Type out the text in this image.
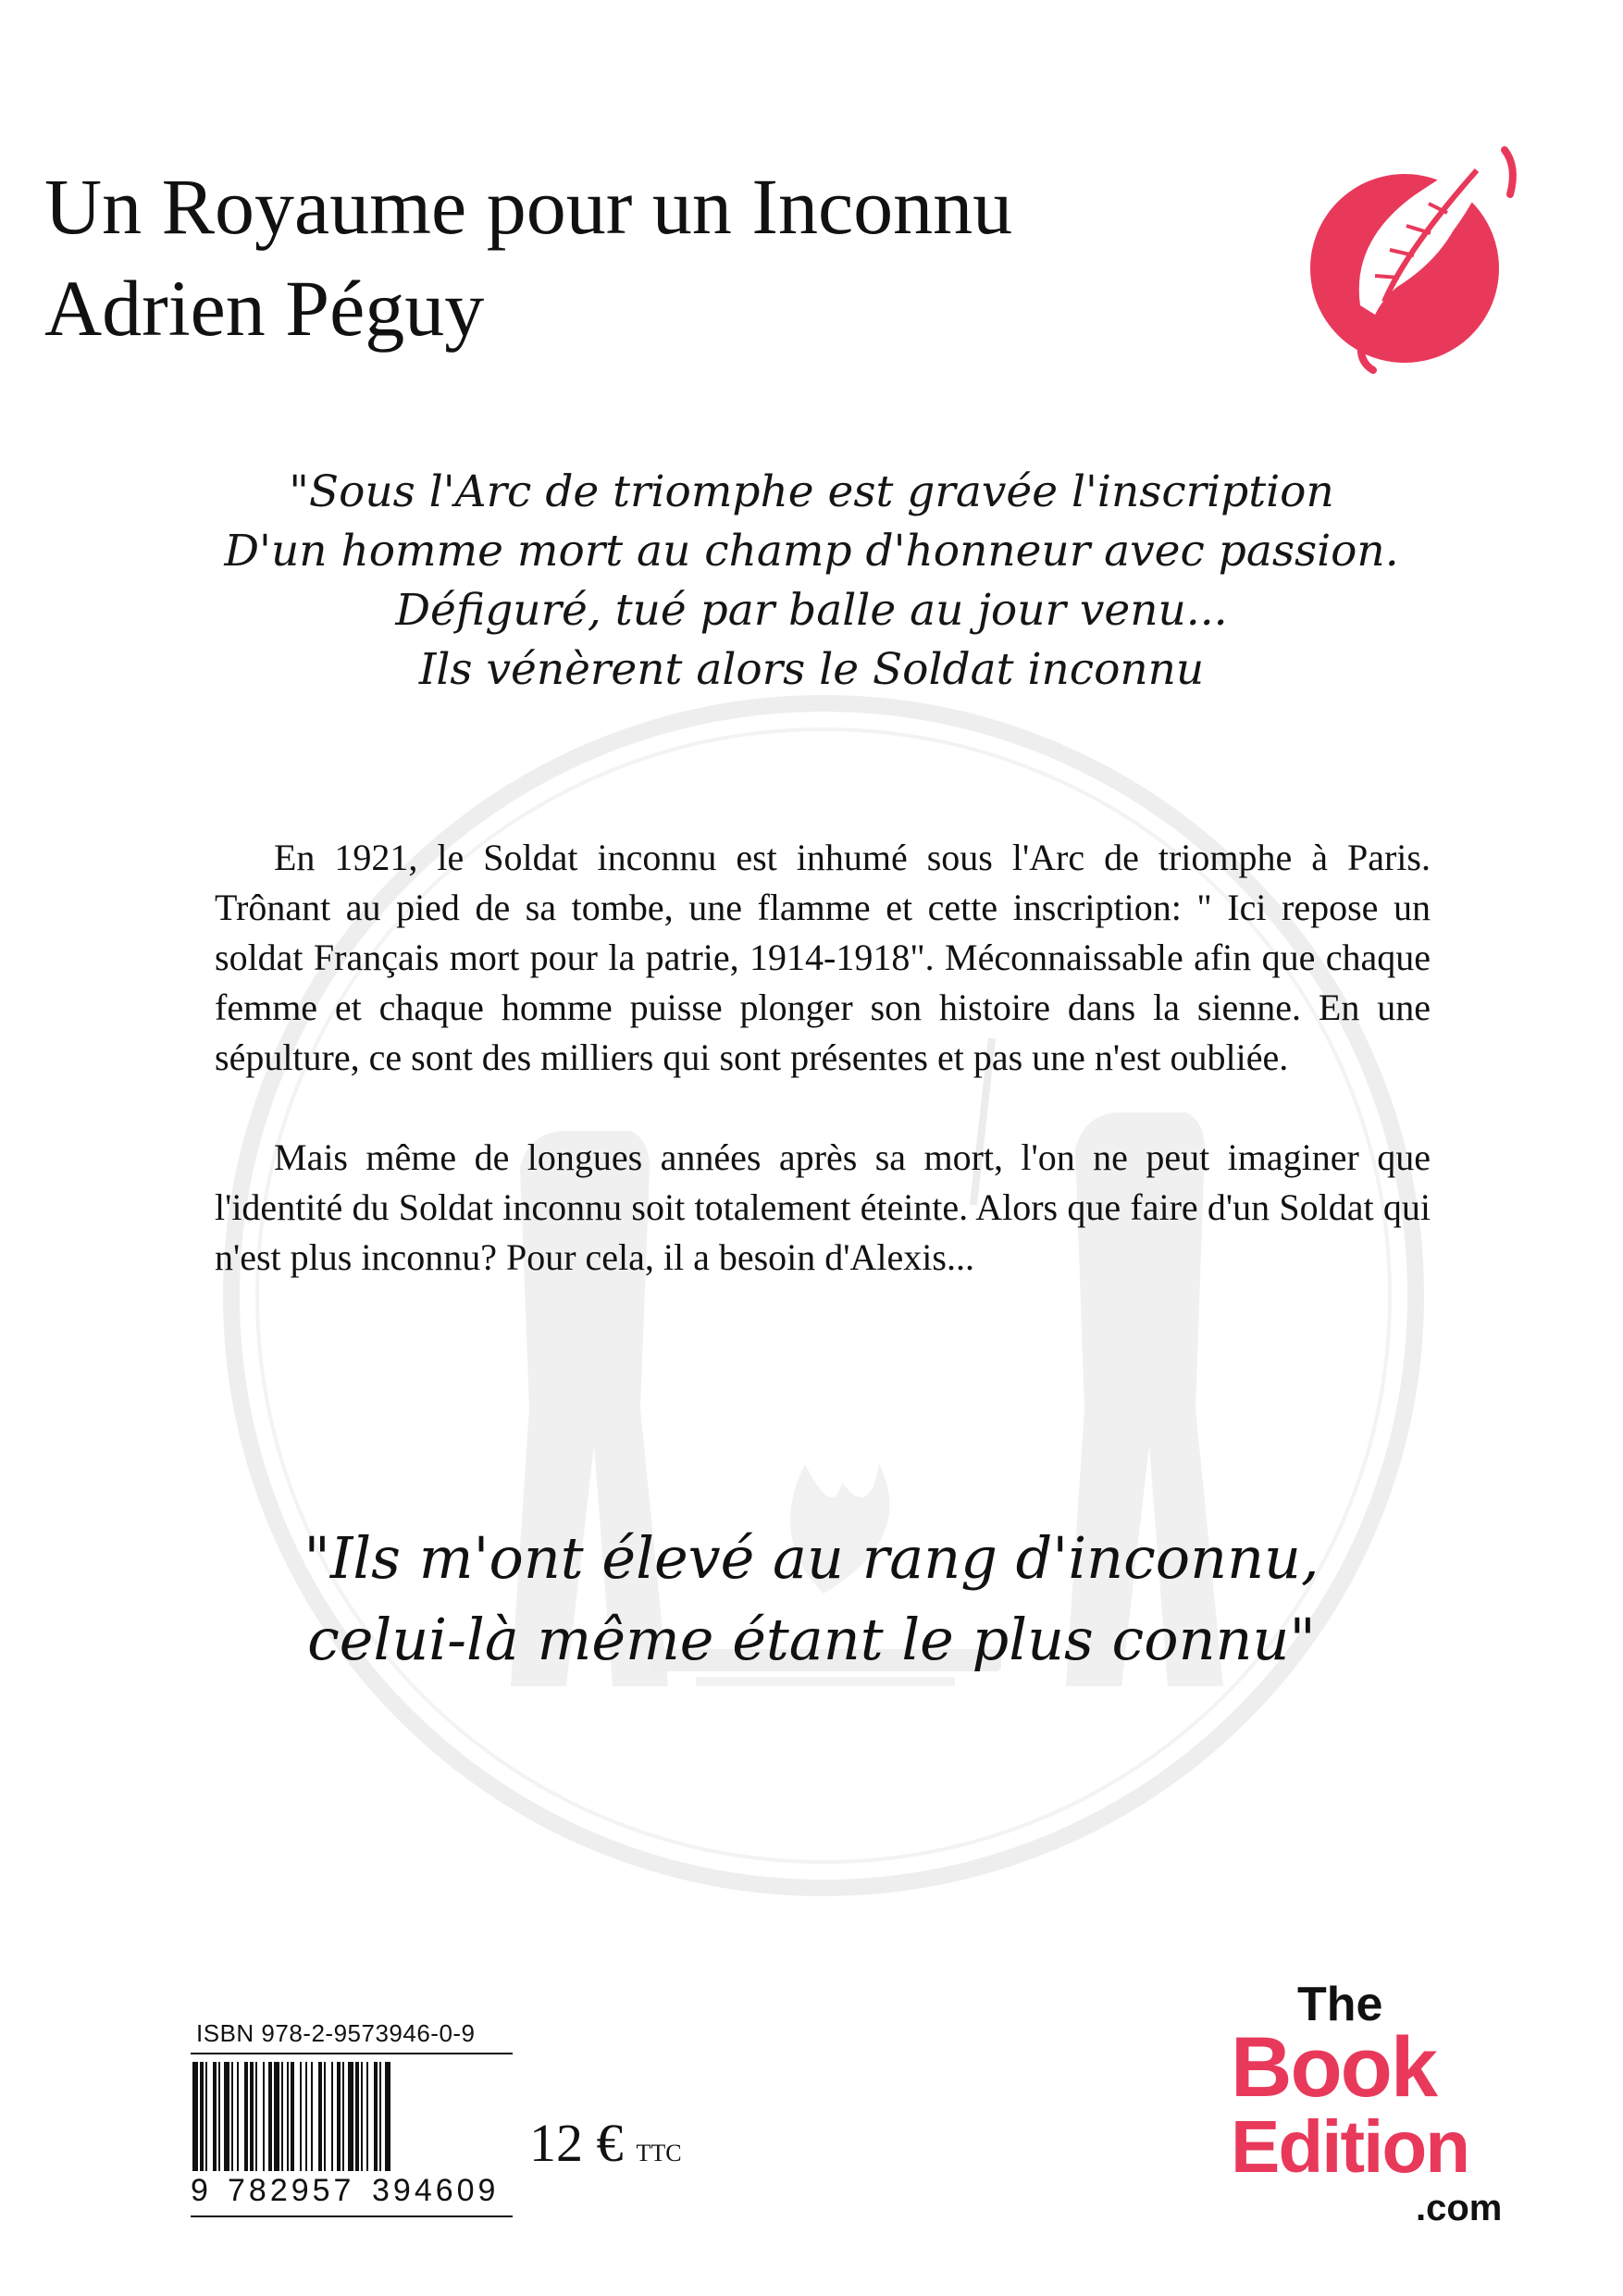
Un Royaume pour un Inconnu
Adrien Péguy
"Sous l'Arc de triomphe est gravée l'inscription
D'un homme mort au champ d'honneur avec passion.
Défiguré, tué par balle au jour venu...
Ils vénèrent alors le Soldat inconnu

En 1921, le Soldat inconnu est inhumé sous l'Arc de triomphe à Paris. Trônant au pied de sa tombe, une flamme et cette inscription: " Ici repose un soldat Français mort pour la patrie, 1914-1918". Méconnaissable afin que chaque femme et chaque homme puisse plonger son histoire dans la sienne. En une sépulture, ce sont des milliers qui sont présentes et pas une n'est oubliée.

Mais même de longues années après sa mort, l'on ne peut imaginer que l'identité du Soldat inconnu soit totalement éteinte. Alors que faire d'un Soldat qui n'est plus inconnu? Pour cela, il a besoin d'Alexis...

"Ils m'ont élevé au rang d'inconnu,
celui-là même étant le plus connu"
ISBN 978-2-9573946-0-9
9 782957 394609
12 € TTC
The
Book
Edition
.com
